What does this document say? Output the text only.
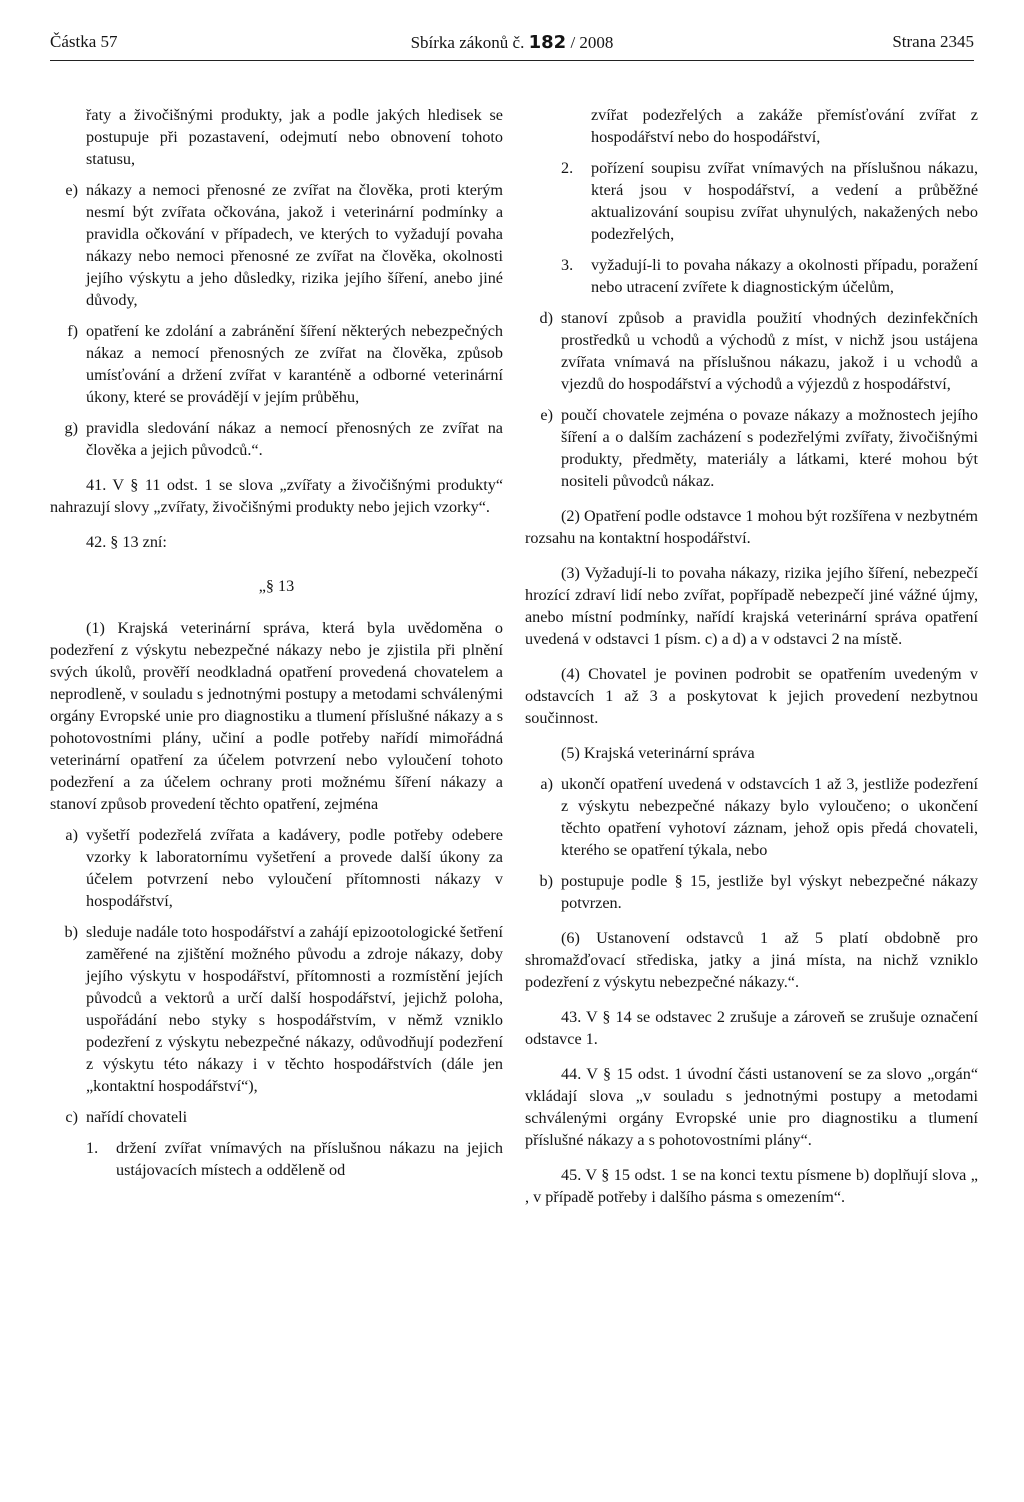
Částka 57	Sbírka zákonů č. 182 / 2008	Strana 2345

řaty a živočišnými produkty, jak a podle jakých hledisek se postupuje při pozastavení, odejmutí nebo obnovení tohoto statusu,

e) nákazy a nemoci přenosné ze zvířat na člověka, proti kterým nesmí být zvířata očkována, jakož i veterinární podmínky a pravidla očkování v případech, ve kterých to vyžadují povaha nákazy nebo nemoci přenosné ze zvířat na člověka, okolnosti jejího výskytu a jeho důsledky, rizika jejího šíření, anebo jiné důvody,

f) opatření ke zdolání a zabránění šíření některých nebezpečných nákaz a nemocí přenosných ze zvířat na člověka, způsob umísťování a držení zvířat v karanténě a odborné veterinární úkony, které se provádějí v jejím průběhu,

g) pravidla sledování nákaz a nemocí přenosných ze zvířat na člověka a jejich původců.“.

41. V § 11 odst. 1 se slova „zvířaty a živočišnými produkty“ nahrazují slovy „zvířaty, živočišnými produkty nebo jejich vzorky“.

42. § 13 zní:

„§ 13

(1) Krajská veterinární správa, která byla uvědoměna o podezření z výskytu nebezpečné nákazy nebo je zjistila při plnění svých úkolů, prověří neodkladná opatření provedená chovatelem a neprodleně, v souladu s jednotnými postupy a metodami schválenými orgány Evropské unie pro diagnostiku a tlumení příslušné nákazy a s pohotovostními plány, učiní a podle potřeby nařídí mimořádná veterinární opatření za účelem potvrzení nebo vyloučení tohoto podezření a za účelem ochrany proti možnému šíření nákazy a stanoví způsob provedení těchto opatření, zejména

a) vyšetří podezřelá zvířata a kadávery, podle potřeby odebere vzorky k laboratornímu vyšetření a provede další úkony za účelem potvrzení nebo vyloučení přítomnosti nákazy v hospodářství,

b) sleduje nadále toto hospodářství a zahájí epizootologické šetření zaměřené na zjištění možného původu a zdroje nákazy, doby jejího výskytu v hospodářství, přítomnosti a rozmístění jejích původců a vektorů a určí další hospodářství, jejichž poloha, uspořádání nebo styky s hospodářstvím, v němž vzniklo podezření z výskytu nebezpečné nákazy, odůvodňují podezření z výskytu této nákazy i v těchto hospodářstvích (dále jen „kontaktní hospodářství“),

c) nařídí chovateli

1.	držení zvířat vnímavých na příslušnou nákazu na jejich ustájovacích místech a odděleně od

zvířat podezřelých a zakáže přemísťování zvířat z hospodářství nebo do hospodářství,

2.	pořízení soupisu zvířat vnímavých na příslušnou nákazu, která jsou v hospodářství, a vedení a průběžné aktualizování soupisu zvířat uhynulých, nakažených nebo podezřelých,

3.	vyžadují-li to povaha nákazy a okolnosti případu, poražení nebo utracení zvířete k diagnostickým účelům,

d) stanoví způsob a pravidla použití vhodných dezinfekčních prostředků u vchodů a východů z míst, v nichž jsou ustájena zvířata vnímavá na příslušnou nákazu, jakož i u vchodů a vjezdů do hospodářství a východů a výjezdů z hospodářství,

e) poučí chovatele zejména o povaze nákazy a možnostech jejího šíření a o dalším zacházení s podezřelými zvířaty, živočišnými produkty, předměty, materiály a látkami, které mohou být nositeli původců nákaz.

(2) Opatření podle odstavce 1 mohou být rozšířena v nezbytném rozsahu na kontaktní hospodářství.

(3) Vyžadují-li to povaha nákazy, rizika jejího šíření, nebezpečí hrozící zdraví lidí nebo zvířat, popřípadě nebezpečí jiné vážné újmy, anebo místní podmínky, nařídí krajská veterinární správa opatření uvedená v odstavci 1 písm. c) a d) a v odstavci 2 na místě.

(4) Chovatel je povinen podrobit se opatřením uvedeným v odstavcích 1 až 3 a poskytovat k jejich provedení nezbytnou součinnost.

(5) Krajská veterinární správa

a) ukončí opatření uvedená v odstavcích 1 až 3, jestliže podezření z výskytu nebezpečné nákazy bylo vyloučeno; o ukončení těchto opatření vyhotoví záznam, jehož opis předá chovateli, kterého se opatření týkala, nebo

b) postupuje podle § 15, jestliže byl výskyt nebezpečné nákazy potvrzen.

(6) Ustanovení odstavců 1 až 5 platí obdobně pro shromažďovací střediska, jatky a jiná místa, na nichž vzniklo podezření z výskytu nebezpečné nákazy.“.

43. V § 14 se odstavec 2 zrušuje a zároveň se zrušuje označení odstavce 1.

44. V § 15 odst. 1 úvodní části ustanovení se za slovo „orgán“ vkládají slova „v souladu s jednotnými postupy a metodami schválenými orgány Evropské unie pro diagnostiku a tlumení příslušné nákazy a s pohotovostními plány“.

45. V § 15 odst. 1 se na konci textu písmene b) doplňují slova „ , v případě potřeby i dalšího pásma s omezením“.
